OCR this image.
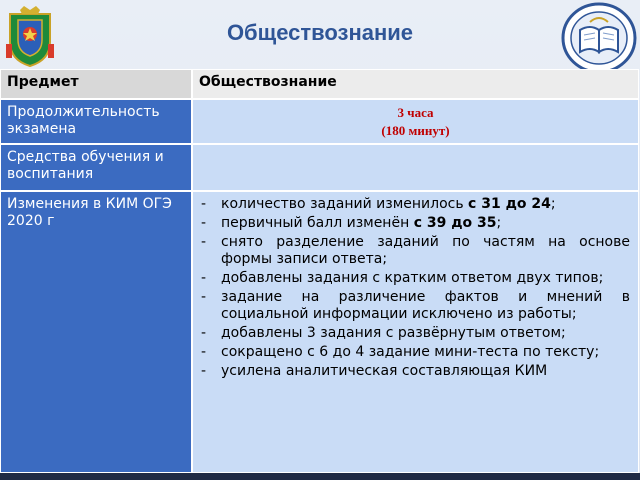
Обществознание
Предмет	Обществознание
Продолжительность экзамена
3 часа
(180 минут)
Средства обучения и воспитания
Изменения в КИМ ОГЭ 2020 г
- количество заданий изменилось с 31 до 24;
- первичный балл изменён с 39 до 35;
- снято разделение заданий по частям на основе формы записи ответа;
- добавлены задания с кратким ответом двух типов;
- задание на различение фактов и мнений в социальной информации исключено из работы;
- добавлены 3 задания с развёрнутым ответом;
- сокращено с 6 до 4 задание мини-теста по тексту;
- усилена аналитическая составляющая КИМ
